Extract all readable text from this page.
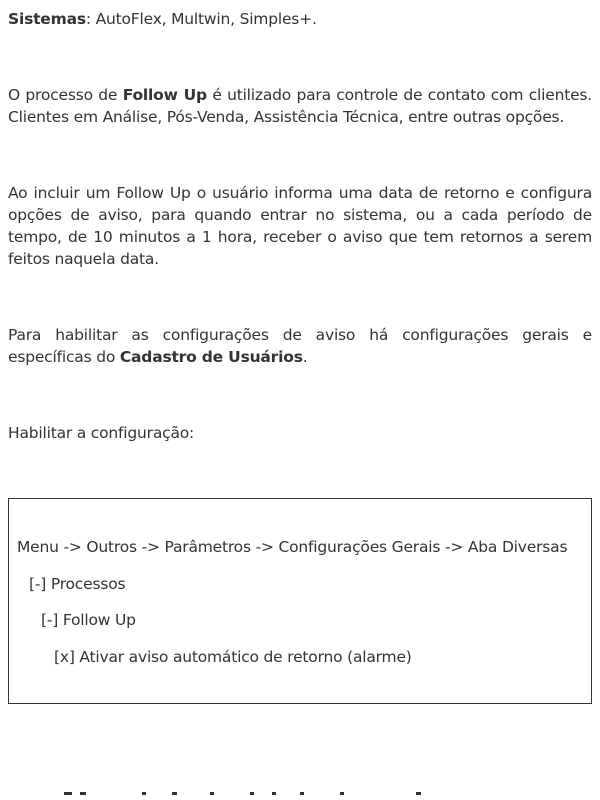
Sistemas: AutoFlex, Multwin, Simples+.

O processo de Follow Up é utilizado para controle de contato com clientes. Clientes em Análise, Pós-Venda, Assistência Técnica, entre outras opções.

Ao incluir um Follow Up o usuário informa uma data de retorno e configura opções de aviso, para quando entrar no sistema, ou a cada período de tempo, de 10 minutos a 1 hora, receber o aviso que tem retornos a serem feitos naquela data.

Para habilitar as configurações de aviso há configurações gerais e específicas do Cadastro de Usuários.

Habilitar a configuração:

Menu -> Outros -> Parâmetros -> Configurações Gerais -> Aba Diversas
[-] Processos
[-] Follow Up
[x] Ativar aviso automático de retorno (alarme)
